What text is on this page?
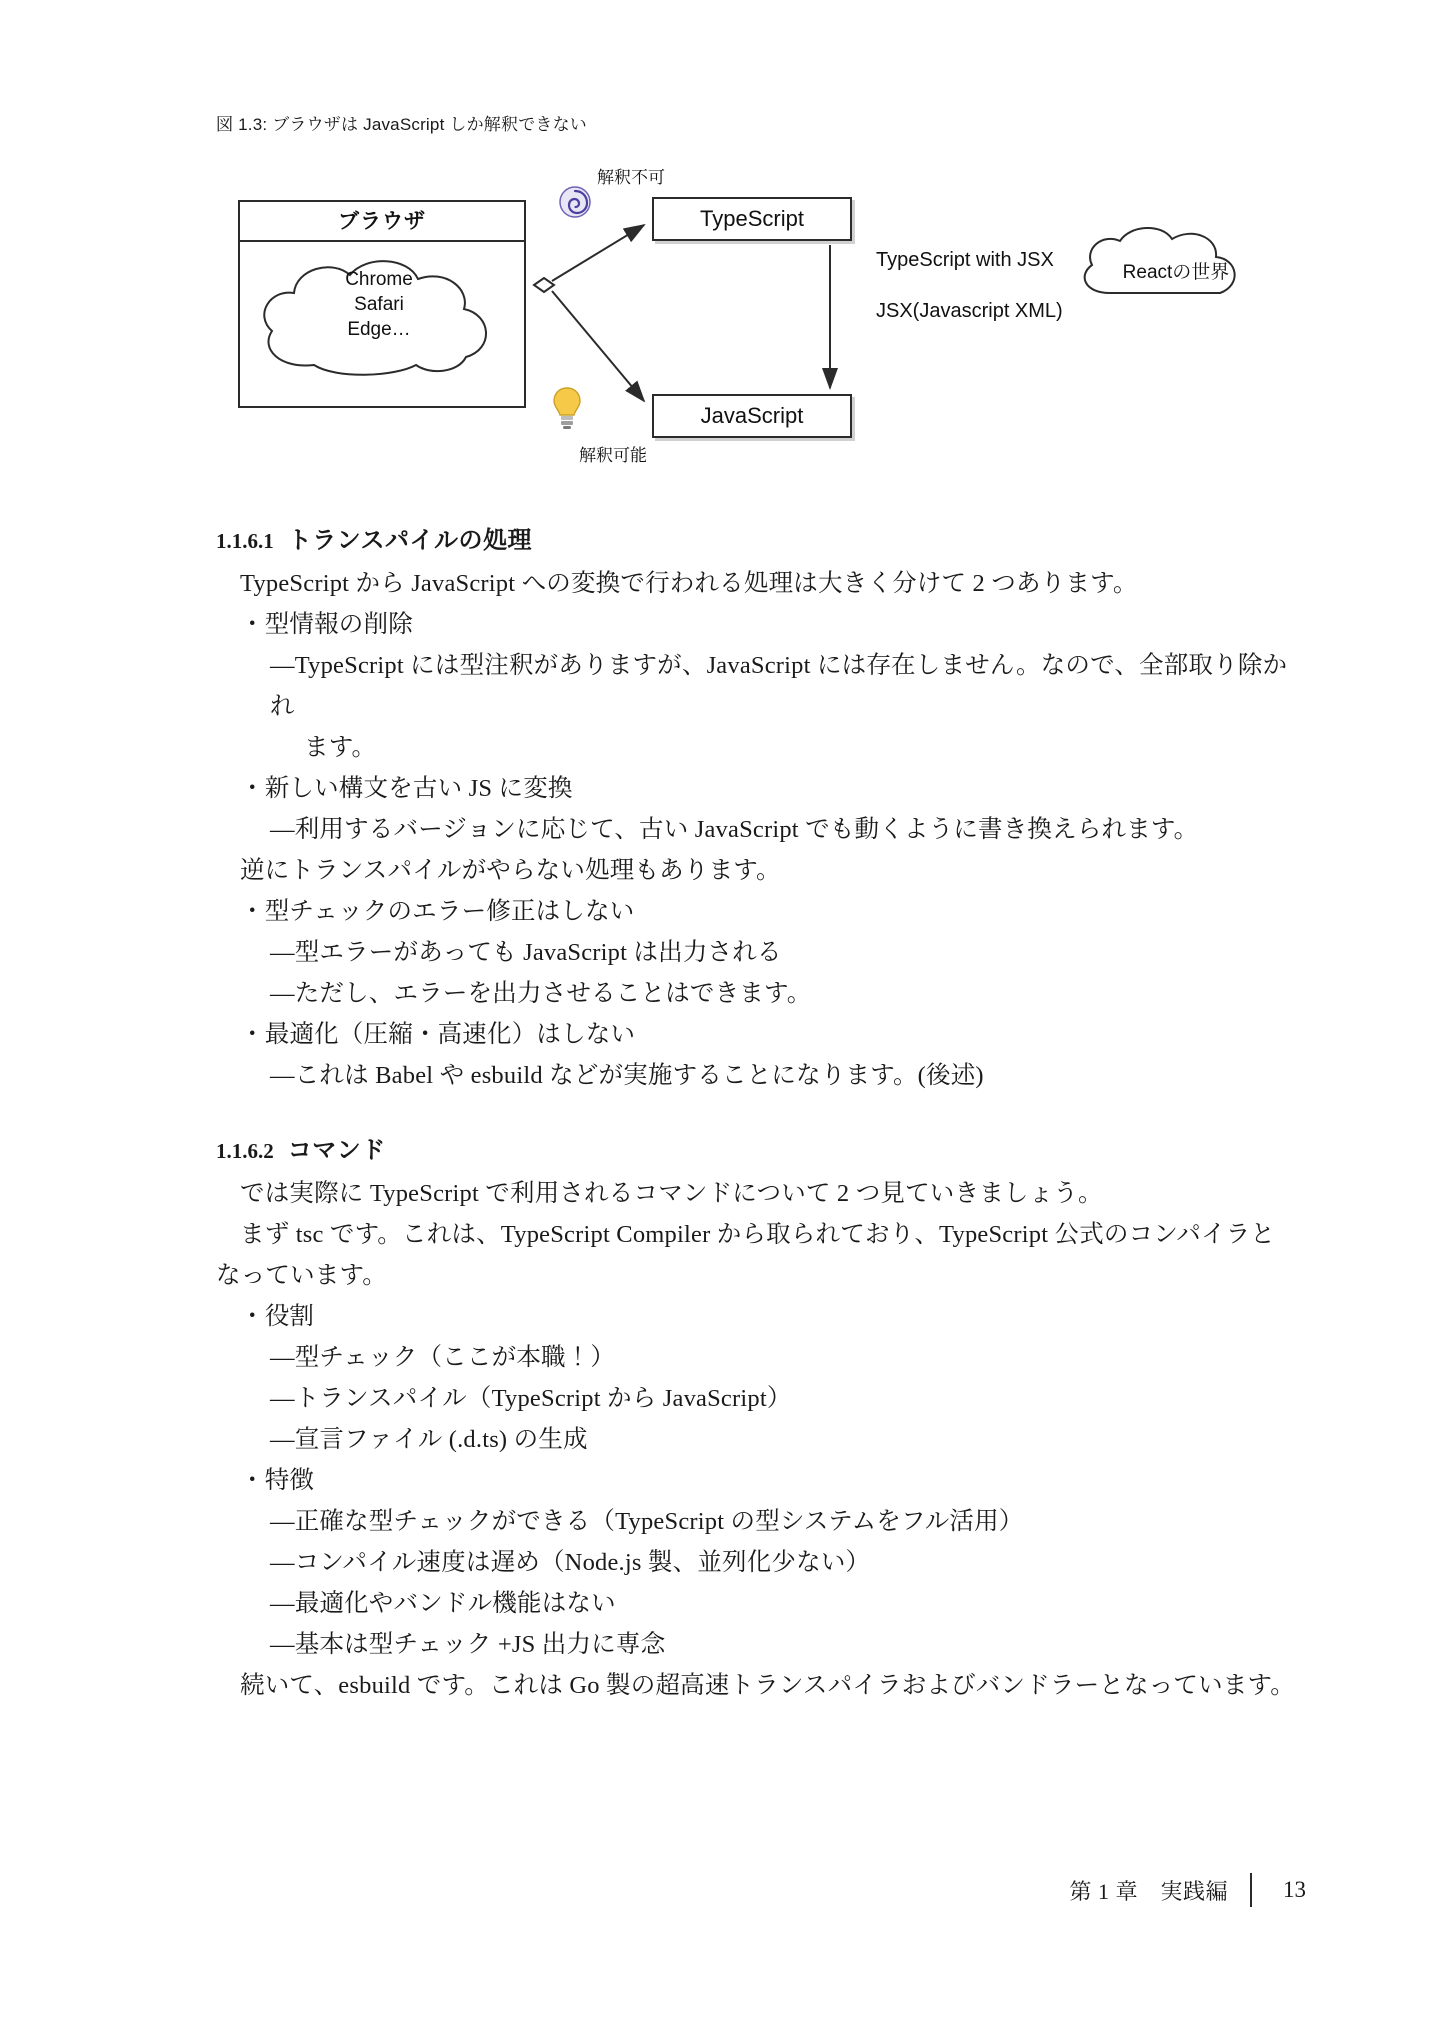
図 1.3: ブラウザは JavaScript しか解釈できない
ブラウザ
Chrome
Safari
Edge…
TypeScript
JavaScript
解釈不可
解釈可能
TypeScript with JSX
JSX(Javascript XML)
Reactの世界
1.1.6.1 トランスパイルの処理

TypeScript から JavaScript への変換で行われる処理は大きく分けて 2 つあります。

・型情報の削除

—TypeScript には型注釈がありますが、JavaScript には存在しません。なので、全部取り除かれ
ます。

・新しい構文を古い JS に変換

—利用するバージョンに応じて、古い JavaScript でも動くように書き換えられます。

逆にトランスパイルがやらない処理もあります。

・型チェックのエラー修正はしない

—型エラーがあっても JavaScript は出力される

—ただし、エラーを出力させることはできます。

・最適化（圧縮・高速化）はしない

—これは Babel や esbuild などが実施することになります。(後述)

1.1.6.2 コマンド

では実際に TypeScript で利用されるコマンドについて 2 つ見ていきましょう。

まず tsc です。これは、TypeScript Compiler から取られており、TypeScript 公式のコンパイラと

なっています。

・役割

—型チェック（ここが本職！）

—トランスパイル（TypeScript から JavaScript）

—宣言ファイル (.d.ts) の生成

・特徴

—正確な型チェックができる（TypeScript の型システムをフル活用）

—コンパイル速度は遅め（Node.js 製、並列化少ない）

—最適化やバンドル機能はない

—基本は型チェック +JS 出力に専念

続いて、esbuild です。これは Go 製の超高速トランスパイラおよびバンドラーとなっています。

第 1 章　実践編 13
